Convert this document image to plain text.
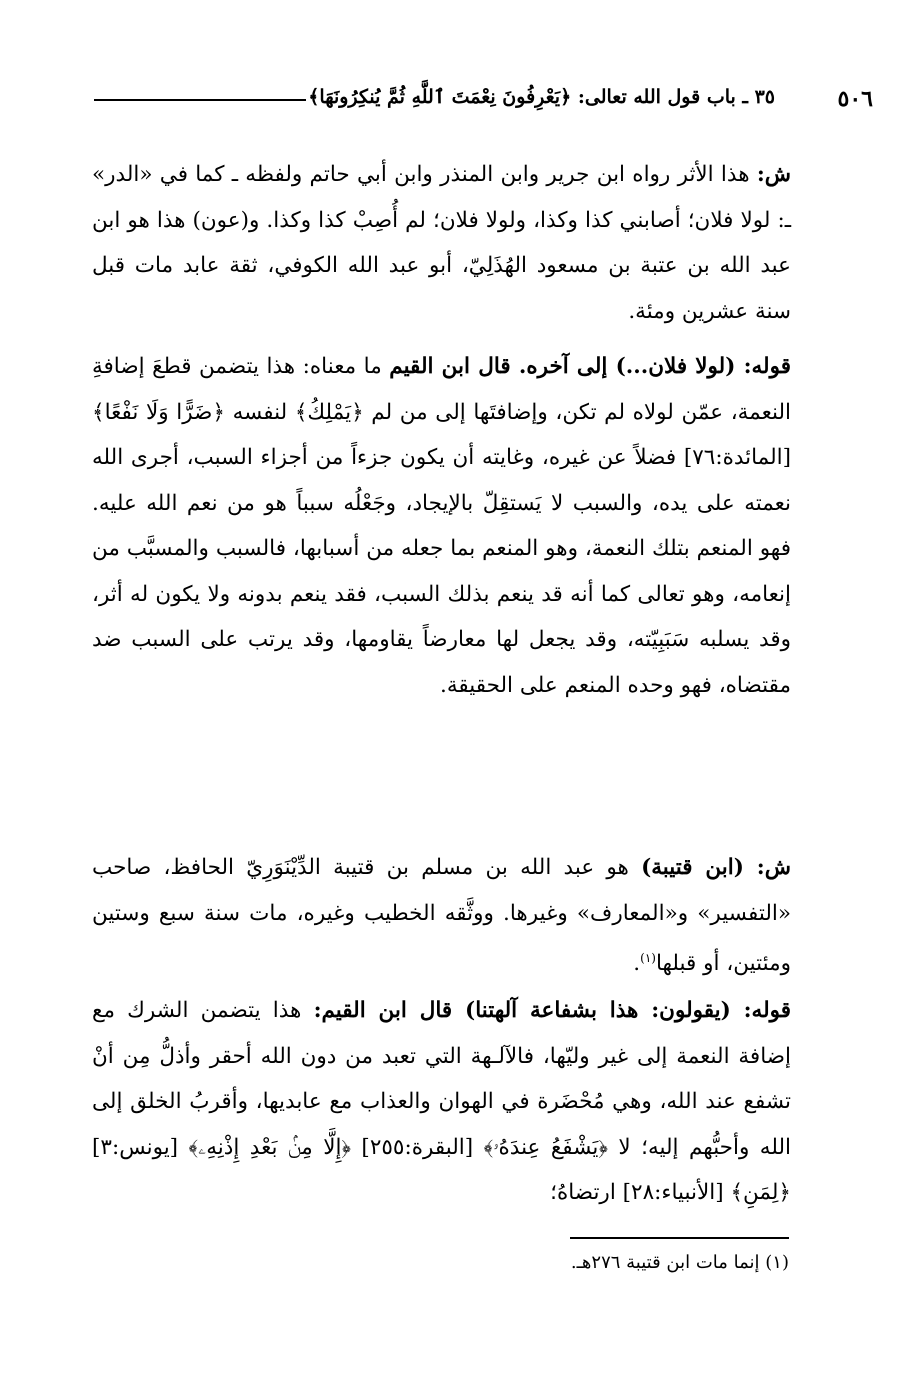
٥٠٦
٣٥ ـ باب قول الله تعالى: ﴿يَعْرِفُونَ نِعْمَتَ ٱللَّهِ ثُمَّ يُنكِرُونَهَا﴾

ش: هذا الأثر رواه ابن جرير وابن المنذر وابن أبي حاتم ولفظه ـ كما في «الدر» ـ: لولا فلان؛ أصابني كذا وكذا، ولولا فلان؛ لم أُصِبْ كذا وكذا. و(عون) هذا هو ابن عبد الله بن عتبة بن مسعود الهُذَلِيّ، أبو عبد الله الكوفي، ثقة عابد مات قبل سنة عشرين ومئة.

قوله: (لولا فلان...) إلى آخره. قال ابن القيم ما معناه: هذا يتضمن قطعَ إضافةِ النعمة، عمّن لولاه لم تكن، وإضافتَها إلى من لم ﴿يَمْلِكُ﴾ لنفسه ﴿ضَرًّا وَلَا نَفْعًا﴾ [المائدة:٧٦] فضلاً عن غيره، وغايته أن يكون جزءاً من أجزاء السبب، أجرى الله نعمته على يده، والسبب لا يَستقِلّ بالإيجاد، وجَعْلُه سبباً هو من نعم الله عليه. فهو المنعم بتلك النعمة، وهو المنعم بما جعله من أسبابها، فالسبب والمسبَّب من إنعامه، وهو تعالى كما أنه قد ينعم بذلك السبب، فقد ينعم بدونه ولا يكون له أثر، وقد يسلبه سَبَبِيّته، وقد يجعل لها معارضاً يقاومها، وقد يرتب على السبب ضد مقتضاه، فهو وحده المنعم على الحقيقة.

ش: (ابن قتيبة) هو عبد الله بن مسلم بن قتيبة الدِّيْنَوَرِيّ الحافظ، صاحب «التفسير» و«المعارف» وغيرها. ووثَّقه الخطيب وغيره، مات سنة سبع وستين ومئتين، أو قبلها$^{(١)}$.

قوله: (يقولون: هذا بشفاعة آلهتنا) قال ابن القيم: هذا يتضمن الشرك مع إضافة النعمة إلى غير وليّها، فالآلـهة التي تعبد من دون الله أحقر وأذلُّ مِن أنْ تشفع عند الله، وهي مُحْضَرة في الهوان والعذاب مع عابديها، وأقربُ الخلق إلى الله وأحبُّهم إليه؛ لا ﴿يَشْفَعُ عِندَهُۥ﴾ [البقرة:٢٥٥] ﴿إِلَّا مِنۢ بَعْدِ إِذْنِهِۦ﴾ [يونس:٣] ﴿لِمَنِ﴾ [الأنبياء:٢٨] ارتضاهُ؛

(١) إنما مات ابن قتيبة ٢٧٦هـ.
